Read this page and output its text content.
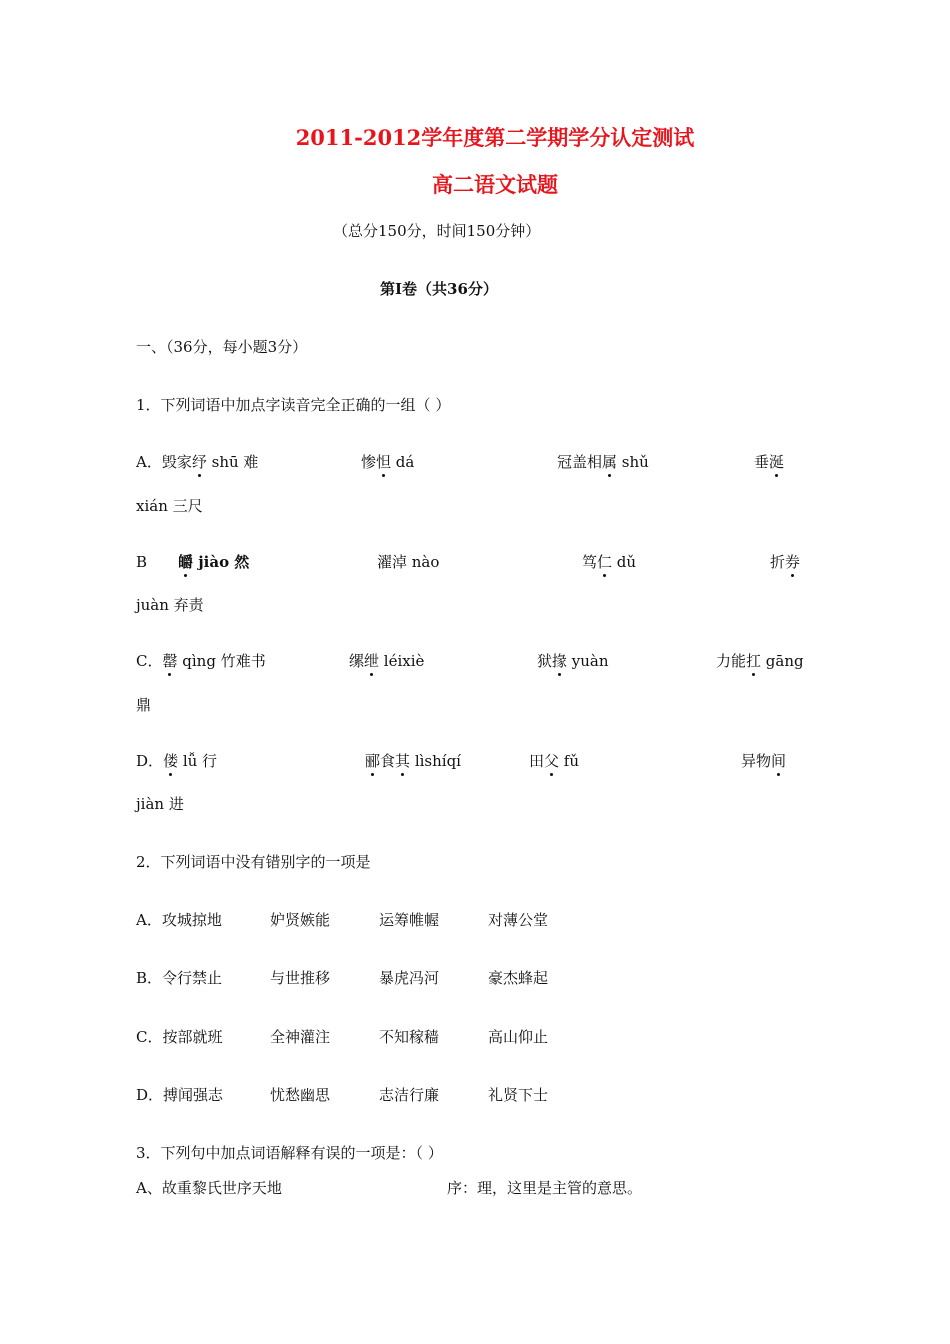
2011-2012学年度第二学期学分认定测试
高二语文试题
（总分150分，时间150分钟）
第Ⅰ卷（共36分）
一、（36分，每小题3分）
1．下列词语中加点字读音完全正确的一组（ ）
A．毁家纾 shū 难	惨怛 dá	冠盖相属 shǔ	垂涎
xián 三尺
B 皭 jiào 然	濯淖 nào	笃仁 dǔ	折券
juàn 弃责
C．罄 qìng 竹难书	缧绁 léixiè	狱掾 yuàn	力能扛 gāng
鼎
D．偻 lǚ 行	郦食其 lìshíqí	田父 fǔ	异物间
jiàn 进
2．下列词语中没有错别字的一项是
A．攻城掠地	妒贤嫉能	运筹帷幄	对薄公堂
B．令行禁止	与世推移	暴虎冯河	豪杰蜂起
C．按部就班	全神灌注	不知稼穑	高山仰止
D．搏闻强志	忧愁幽思	志洁行廉	礼贤下士
3．下列句中加点词语解释有误的一项是：（ ）
A、故重黎氏世序天地	序：理，这里是主管的意思。
